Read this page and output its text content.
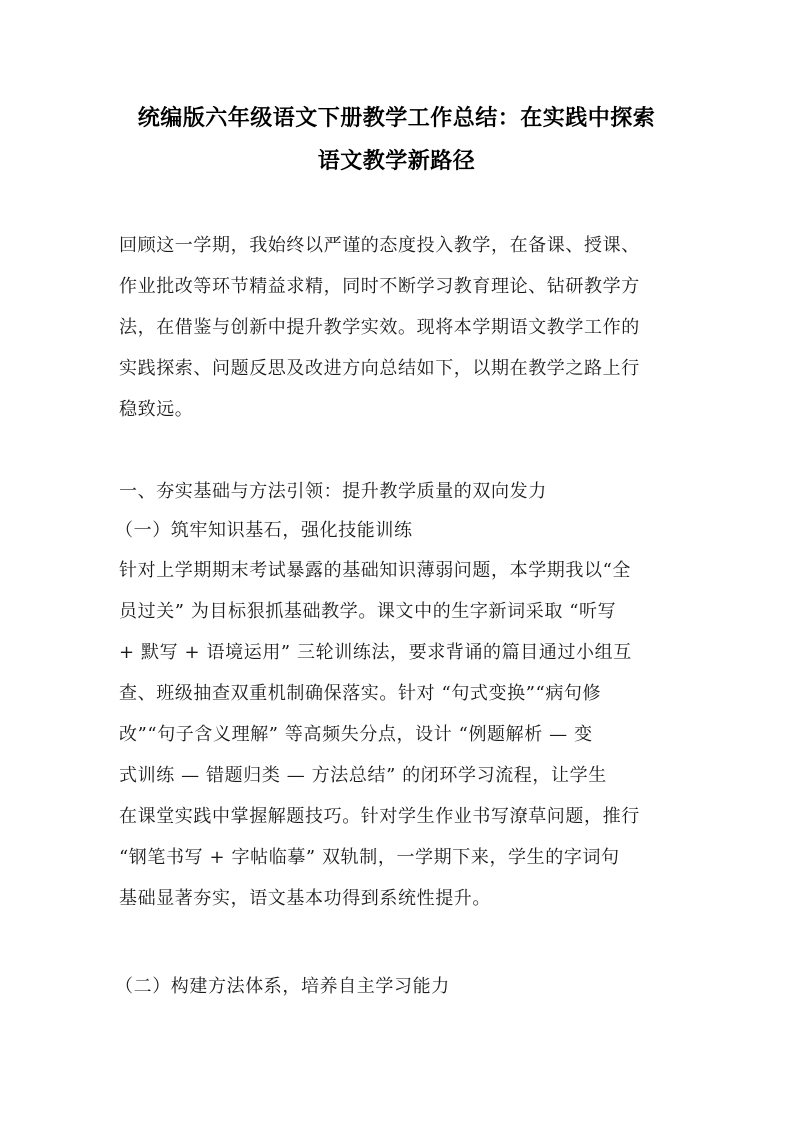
统编版六年级语文下册教学工作总结：在实践中探索
语文教学新路径
回顾这一学期，我始终以严谨的态度投入教学，在备课、授课、
作业批改等环节精益求精，同时不断学习教育理论、钻研教学方
法，在借鉴与创新中提升教学实效。现将本学期语文教学工作的
实践探索、问题反思及改进方向总结如下，以期在教学之路上行
稳致远。
一、夯实基础与方法引领：提升教学质量的双向发力
（一）筑牢知识基石，强化技能训练
针对上学期期末考试暴露的基础知识薄弱问题，本学期我以“全
员过关” 为目标狠抓基础教学。课文中的生字新词采取 “听写
+ 默写 + 语境运用” 三轮训练法，要求背诵的篇目通过小组互
查、班级抽查双重机制确保落实。针对 “句式变换”“病句修
改”“句子含义理解” 等高频失分点，设计 “例题解析 — 变
式训练 — 错题归类 — 方法总结” 的闭环学习流程，让学生
在课堂实践中掌握解题技巧。针对学生作业书写潦草问题，推行
“钢笔书写 + 字帖临摹” 双轨制，一学期下来，学生的字词句
基础显著夯实，语文基本功得到系统性提升。
（二）构建方法体系，培养自主学习能力
